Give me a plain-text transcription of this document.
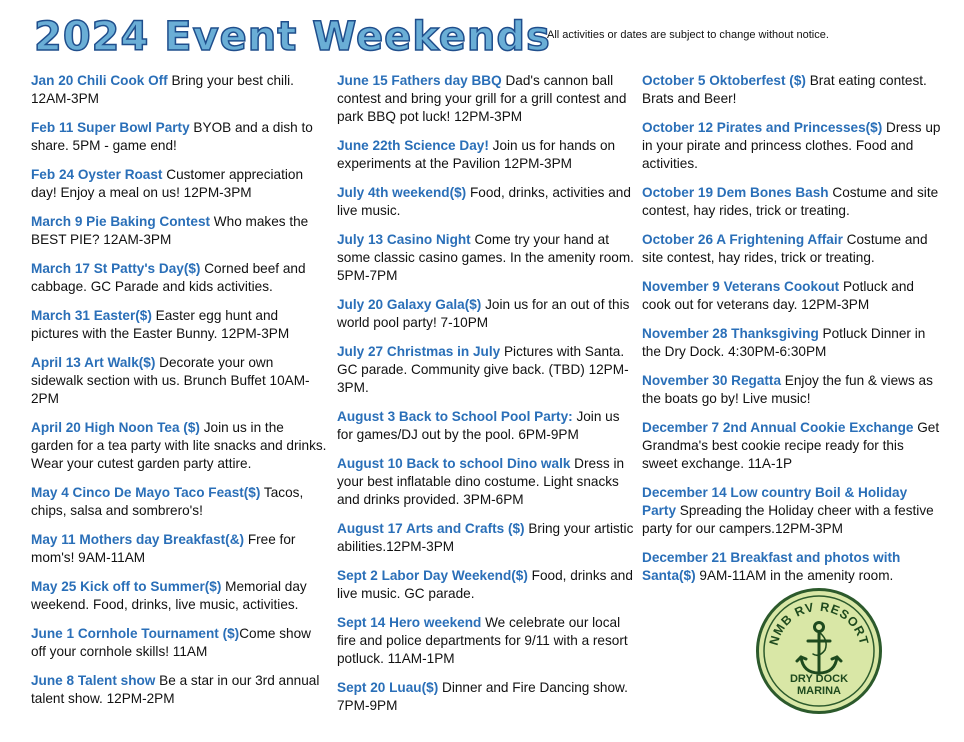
2024 Event Weekends
All activities or dates are subject to change without notice.

Jan 20 Chili Cook Off Bring your best chili. 12AM-3PM

Feb 11 Super Bowl Party BYOB and a dish to share. 5PM - game end!

Feb 24 Oyster Roast Customer appreciation day! Enjoy a meal on us! 12PM-3PM

March 9 Pie Baking Contest Who makes the BEST PIE? 12AM-3PM

March 17 St Patty's Day($) Corned beef and cabbage. GC Parade and kids activities.

March 31 Easter($) Easter egg hunt and pictures with the Easter Bunny. 12PM-3PM

April 13 Art Walk($) Decorate your own sidewalk section with us. Brunch Buffet 10AM-2PM

April 20 High Noon Tea ($) Join us in the garden for a tea party with lite snacks and drinks. Wear your cutest garden party attire.

May 4 Cinco De Mayo Taco Feast($) Tacos, chips, salsa and sombrero's!

May 11 Mothers day Breakfast(&) Free for mom's! 9AM-11AM

May 25 Kick off to Summer($) Memorial day weekend. Food, drinks, live music, activities.

June 1 Cornhole Tournament ($)Come show off your cornhole skills! 11AM

June 8 Talent show Be a star in our 3rd annual talent show. 12PM-2PM

June 15 Fathers day BBQ Dad's cannon ball contest and bring your grill for a grill contest and park BBQ pot luck! 12PM-3PM

June 22th Science Day! Join us for hands on experiments at the Pavilion 12PM-3PM

July 4th weekend($) Food, drinks, activities and live music.

July 13 Casino Night Come try your hand at some classic casino games. In the amenity room. 5PM-7PM

July 20 Galaxy Gala($) Join us for an out of this world pool party! 7-10PM

July 27 Christmas in July Pictures with Santa. GC parade. Community give back. (TBD) 12PM-3PM.

August 3 Back to School Pool Party: Join us for games/DJ out by the pool. 6PM-9PM

August 10 Back to school Dino walk Dress in your best inflatable dino costume. Light snacks and drinks provided. 3PM-6PM

August 17 Arts and Crafts ($) Bring your artistic abilities.12PM-3PM

Sept 2 Labor Day Weekend($) Food, drinks and live music. GC parade.

Sept 14 Hero weekend We celebrate our local fire and police departments for 9/11 with a resort potluck. 11AM-1PM

Sept 20 Luau($) Dinner and Fire Dancing show. 7PM-9PM

October 5 Oktoberfest ($) Brat eating contest. Brats and Beer!

October 12 Pirates and Princesses($) Dress up in your pirate and princess clothes. Food and activities.

October 19 Dem Bones Bash Costume and site contest, hay rides, trick or treating.

October 26 A Frightening Affair Costume and site contest, hay rides, trick or treating.

November 9 Veterans Cookout Potluck and cook out for veterans day. 12PM-3PM

November 28 Thanksgiving Potluck Dinner in the Dry Dock. 4:30PM-6:30PM

November 30 Regatta Enjoy the fun & views as the boats go by! Live music!

December 7 2nd Annual Cookie Exchange Get Grandma's best cookie recipe ready for this sweet exchange. 11A-1P

December 14 Low country Boil & Holiday Party Spreading the Holiday cheer with a festive party for our campers.12PM-3PM

December 21 Breakfast and photos with Santa($) 9AM-11AM in the amenity room.

NMB RV RESORT
DRY DOCK
MARINA
